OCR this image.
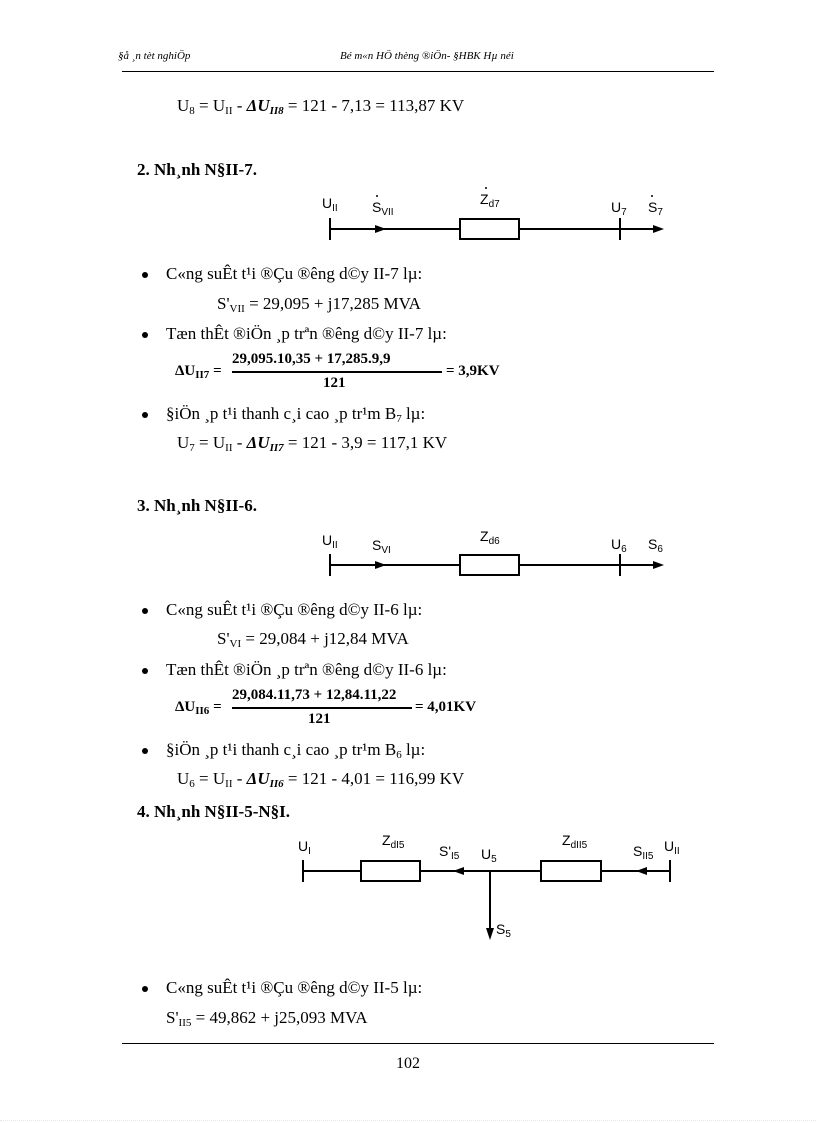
§å ¸n tèt nghiÖp	Bé m«n HÖ thèng ®iÖn- §HBK Hµ néi
$U_8 = U_{II} - \Delta U_{II8} = 121 - 7,13 = 113,87$ KV
2. Nh¸nh N§II-7.
$U_{II}$ $S_{VII}$
$Z_{d7}$	$U_7$ $S_7$
C«ng suÊt t¹i ®Çu ®êng d©y II-7 lµ:
$S'_{VII} = 29,095 + j17,285$ MVA
Tæn thÊt ®iÖn ¸p trªn ®êng d©y II-7 lµ:
$\Delta U_{II7}$ =
29,095.10,35 + 17,285.9,9
121
= 3,9KV
§iÖn ¸p t¹i thanh c¸i cao ¸p tr¹m $B_7$ lµ:
$U_7 = U_{II} - \Delta U_{II7} = 121 - 3,9 = 117,1$ KV
3. Nh¸nh N§II-6.
$U_{II}$ $S_{VI}$
$Z_{d6}$	$U_6$ $S_6$
C«ng suÊt t¹i ®Çu ®êng d©y II-6 lµ:
$S'_{VI} = 29,084 + j12,84$ MVA
Tæn thÊt ®iÖn ¸p trªn ®êng d©y II-6 lµ:
$\Delta U_{II6}$ =
29,084.11,73 + 12,84.11,22
121
= 4,01KV
§iÖn ¸p t¹i thanh c¸i cao ¸p tr¹m $B_6$ lµ:
$U_6 = U_{II} - \Delta U_{II6} = 121 - 4,01 = 116,99$ KV
4. Nh¸nh N§II-5-N§I.
$U_I$
$Z_{dI5}$ $S'_{I5}$ $U_5$
$Z_{dII5}$	$S_{II5}$
$U_{II}$
$S_5$
C«ng suÊt t¹i ®Çu ®êng d©y II-5 lµ:
$S'_{II5} = 49,862 + j25,093$ MVA
102
